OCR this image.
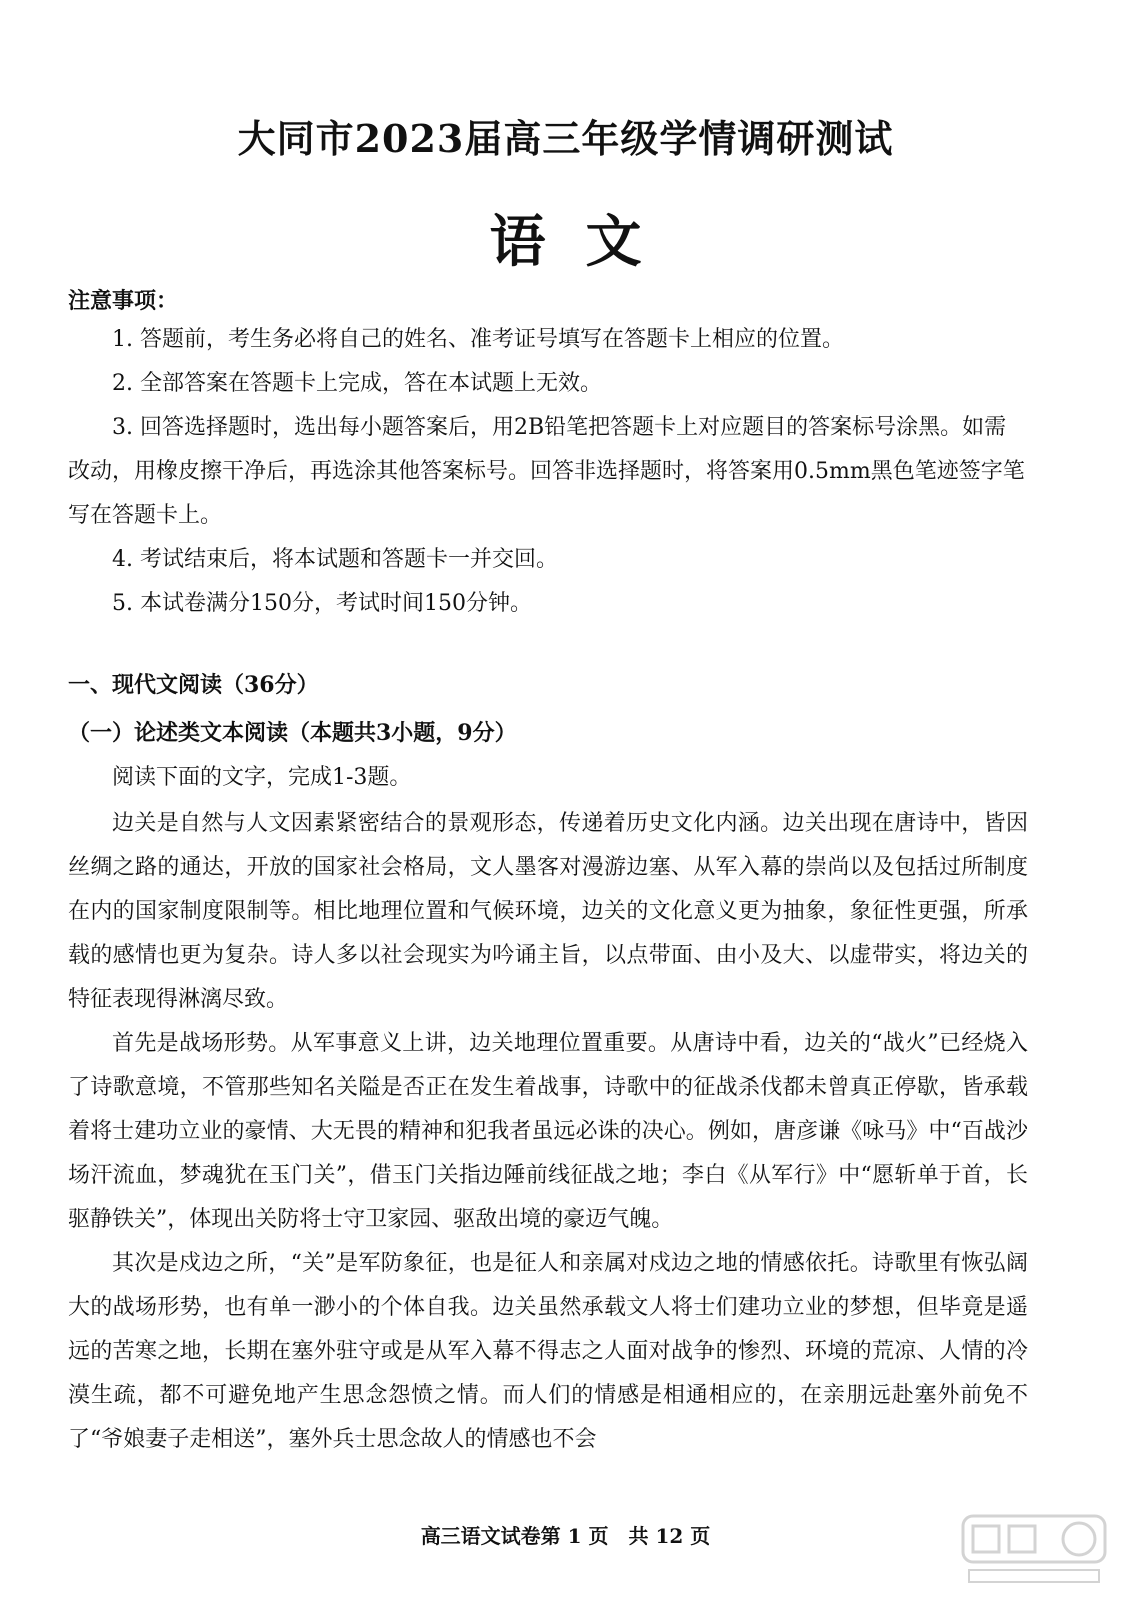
大同市2023届高三年级学情调研测试
语文
注意事项：

1. 答题前，考生务必将自己的姓名、准考证号填写在答题卡上相应的位置。

2. 全部答案在答题卡上完成，答在本试题上无效。

3. 回答选择题时，选出每小题答案后，用2B铅笔把答题卡上对应题目的答案标号涂黑。如需改动，用橡皮擦干净后，再选涂其他答案标号。回答非选择题时，将答案用0.5mm黑色笔迹签字笔写在答题卡上。

4. 考试结束后，将本试题和答题卡一并交回。

5. 本试卷满分150分，考试时间150分钟。

一、现代文阅读（36分）
（一）论述类文本阅读（本题共3小题，9分）
阅读下面的文字，完成1-3题。

边关是自然与人文因素紧密结合的景观形态，传递着历史文化内涵。边关出现在唐诗中，皆因丝绸之路的通达，开放的国家社会格局，文人墨客对漫游边塞、从军入幕的崇尚以及包括过所制度在内的国家制度限制等。相比地理位置和气候环境，边关的文化意义更为抽象，象征性更强，所承载的感情也更为复杂。诗人多以社会现实为吟诵主旨，以点带面、由小及大、以虚带实，将边关的特征表现得淋漓尽致。

首先是战场形势。从军事意义上讲，边关地理位置重要。从唐诗中看，边关的“战火”已经烧入了诗歌意境，不管那些知名关隘是否正在发生着战事，诗歌中的征战杀伐都未曾真正停歇，皆承载着将士建功立业的豪情、大无畏的精神和犯我者虽远必诛的决心。例如，唐彦谦《咏马》中“百战沙场汗流血，梦魂犹在玉门关”，借玉门关指边陲前线征战之地；李白《从军行》中“愿斩单于首，长驱静铁关”，体现出关防将士守卫家园、驱敌出境的豪迈气魄。

其次是戍边之所，“关”是军防象征，也是征人和亲属对戍边之地的情感依托。诗歌里有恢弘阔大的战场形势，也有单一渺小的个体自我。边关虽然承载文人将士们建功立业的梦想，但毕竟是遥远的苦寒之地，长期在塞外驻守或是从军入幕不得志之人面对战争的惨烈、环境的荒凉、人情的冷漠生疏，都不可避免地产生思念怨愤之情。而人们的情感是相通相应的，在亲朋远赴塞外前免不了“爷娘妻子走相送”，塞外兵士思念故人的情感也不会

高三语文试卷第 1 页　共 12 页
